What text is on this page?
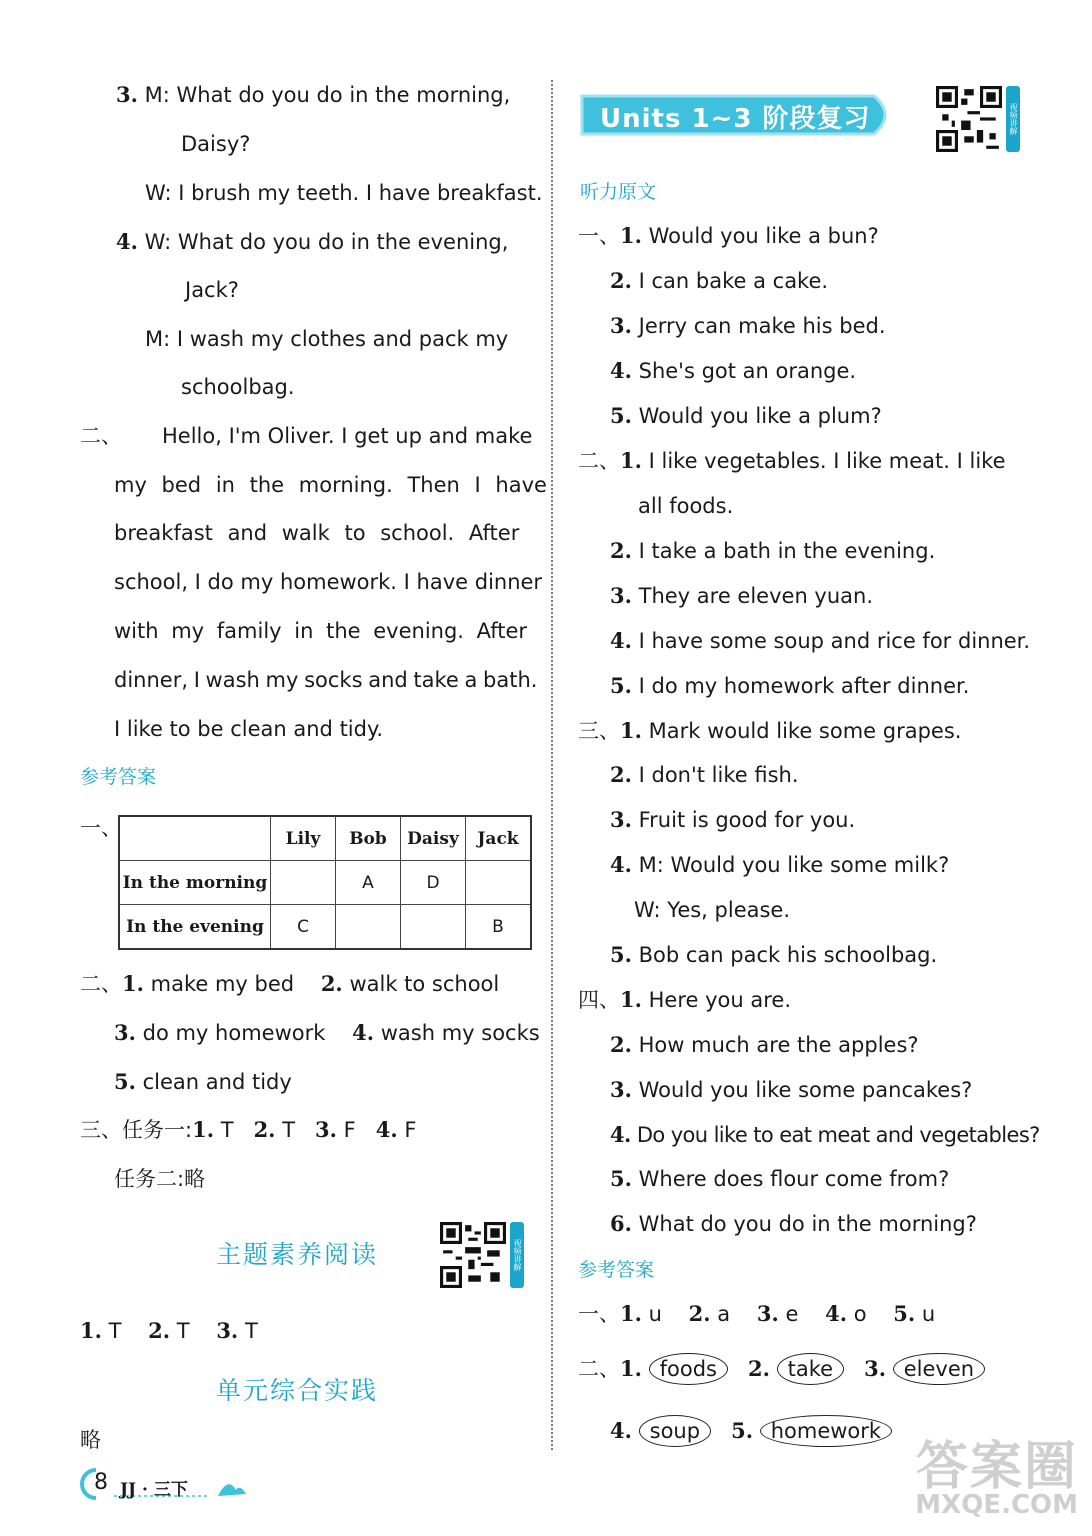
3. M: What do you do in the morning,
Daisy?
W: I brush my teeth. I have breakfast.
4. W: What do you do in the evening,
Jack?
M: I wash my clothes and pack my
schoolbag.
二、 Hello, I'm Oliver. I get up and make
my bed in the morning. Then I have
breakfast and walk to school. After
school, I do my homework. I have dinner
with my family in the evening. After
dinner, I wash my socks and take a bath.
I like to be clean and tidy.
参考答案
一、
		Lily	Bob	Daisy	Jack
In the morning		A	D	
In the evening	C			B
二、1. make my bed 2. walk to school
3. do my homework 4. wash my socks
5. clean and tidy
三、任务一:1. T 2. T 3. F 4. F
任务二:略
主题素养阅读	视频讲解
1. T 2. T 3. T
单元综合实践
略
Units 1~3 阶段复习	视频讲解
听力原文
一、1. Would you like a bun?
2. I can bake a cake.
3. Jerry can make his bed.
4. She's got an orange.
5. Would you like a plum?
二、1. I like vegetables. I like meat. I like
all foods.
2. I take a bath in the evening.
3. They are eleven yuan.
4. I have some soup and rice for dinner.
5. I do my homework after dinner.
三、1. Mark would like some grapes.
2. I don't like fish.
3. Fruit is good for you.
4. M: Would you like some milk?
W: Yes, please.
5. Bob can pack his schoolbag.
四、1. Here you are.
2. How much are the apples?
3. Would you like some pancakes?
4. Do you like to eat meat and vegetables?
5. Where does flour come from?
6. What do you do in the morning?
参考答案
一、1. u 2. a 3. e 4. o 5. u
二、1. foods 2. take 3. eleven
4. soup 5. homework
8 JJ · 三下	答案圈
MXQE.COM
